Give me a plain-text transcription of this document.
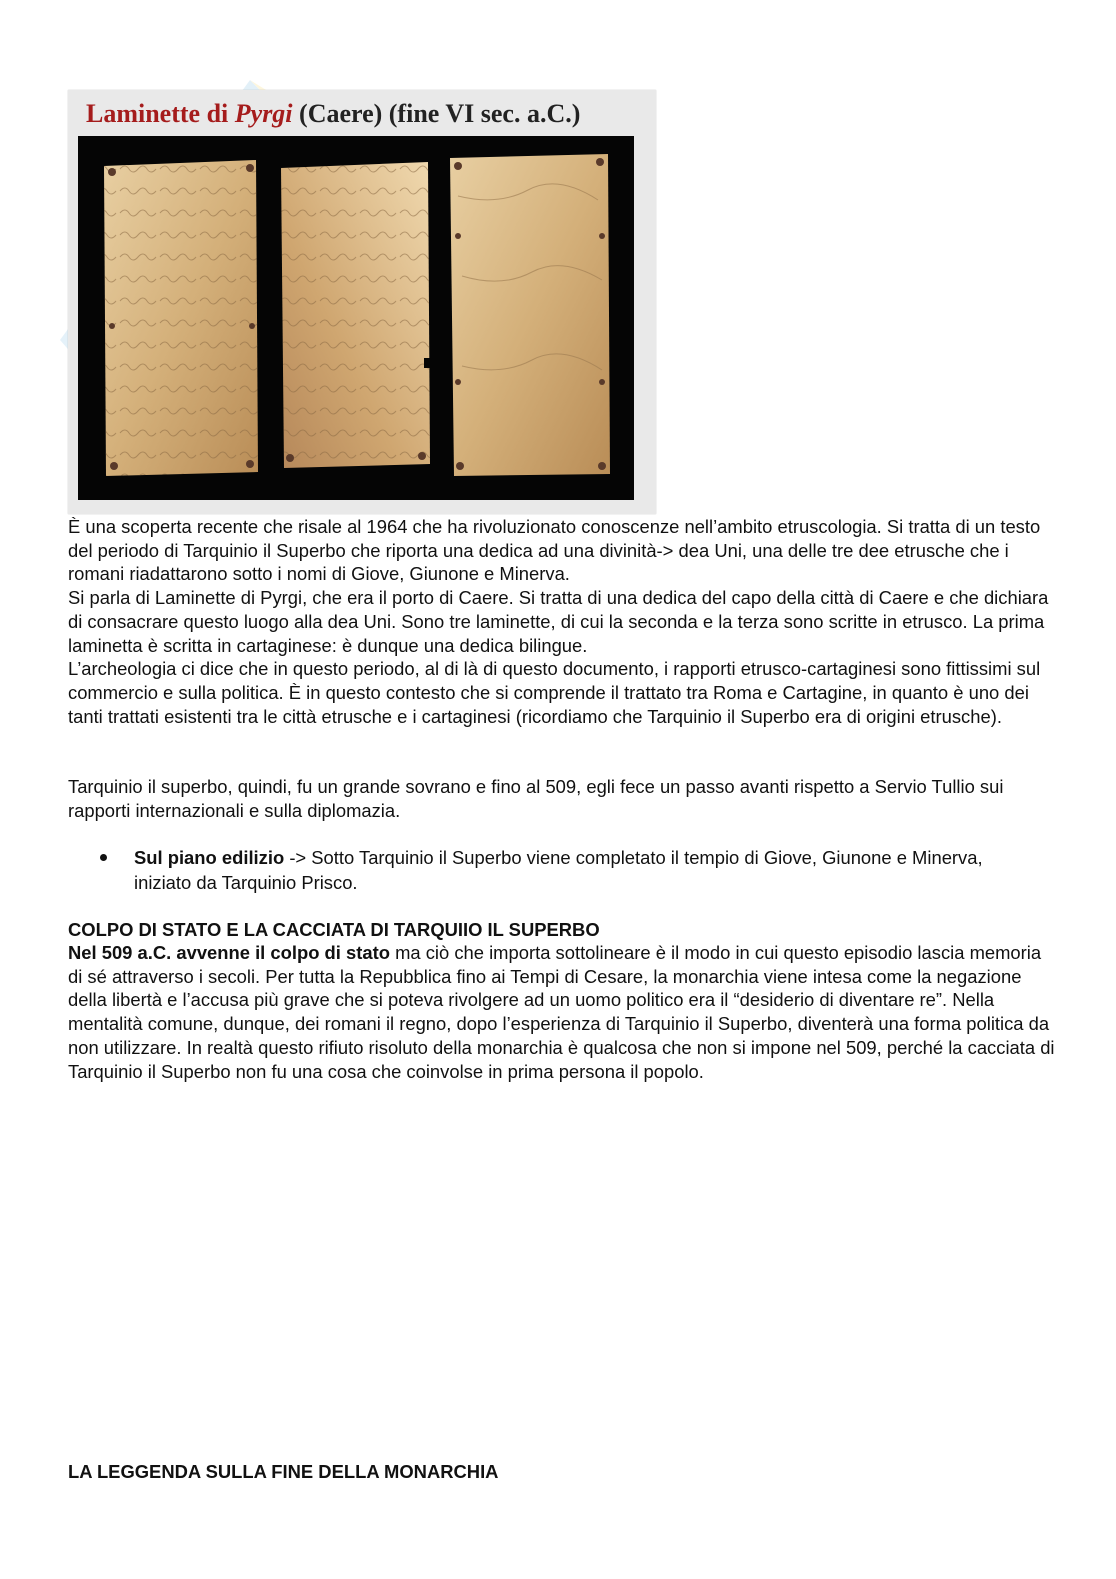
Laminette di Pyrgi (Caere) (fine VI sec. a.C.)

È una scoperta recente che risale al 1964 che ha rivoluzionato conoscenze nell’ambito etruscologia. Si tratta di un testo del periodo di Tarquinio il Superbo che riporta una dedica ad una divinità-> dea Uni, una delle tre dee etrusche che i romani riadattarono sotto i nomi di Giove, Giunone e Minerva.

Si parla di Laminette di Pyrgi, che era il porto di Caere. Si tratta di una dedica del capo della città di Caere e che dichiara di consacrare questo luogo alla dea Uni. Sono tre laminette, di cui la seconda e la terza sono scritte in etrusco. La prima laminetta è scritta in cartaginese: è dunque una dedica bilingue.

L’archeologia ci dice che in questo periodo, al di là di questo documento, i rapporti etrusco-cartaginesi sono fittissimi sul commercio e sulla politica. È in questo contesto che si comprende il trattato tra Roma e Cartagine, in quanto è uno dei tanti trattati esistenti tra le città etrusche e i cartaginesi (ricordiamo che Tarquinio il Superbo era di origini etrusche).

Tarquinio il superbo, quindi, fu un grande sovrano e fino al 509, egli fece un passo avanti rispetto a Servio Tullio sui rapporti internazionali e sulla diplomazia.

Sul piano edilizio -> Sotto Tarquinio il Superbo viene completato il tempio di Giove, Giunone e Minerva, iniziato da Tarquinio Prisco.
COLPO DI STATO E LA CACCIATA DI TARQUIIO IL SUPERBO

Nel 509 a.C. avvenne il colpo di stato ma ciò che importa sottolineare è il modo in cui questo episodio lascia memoria di sé attraverso i secoli. Per tutta la Repubblica fino ai Tempi di Cesare, la monarchia viene intesa come la negazione della libertà e l’accusa più grave che si poteva rivolgere ad un uomo politico era il “desiderio di diventare re”. Nella mentalità comune, dunque, dei romani il regno, dopo l’esperienza di Tarquinio il Superbo, diventerà una forma politica da non utilizzare. In realtà questo rifiuto risoluto della monarchia è qualcosa che non si impone nel 509, perché la cacciata di Tarquinio il Superbo non fu una cosa che coinvolse in prima persona il popolo.

LA LEGGENDA SULLA FINE DELLA MONARCHIA
